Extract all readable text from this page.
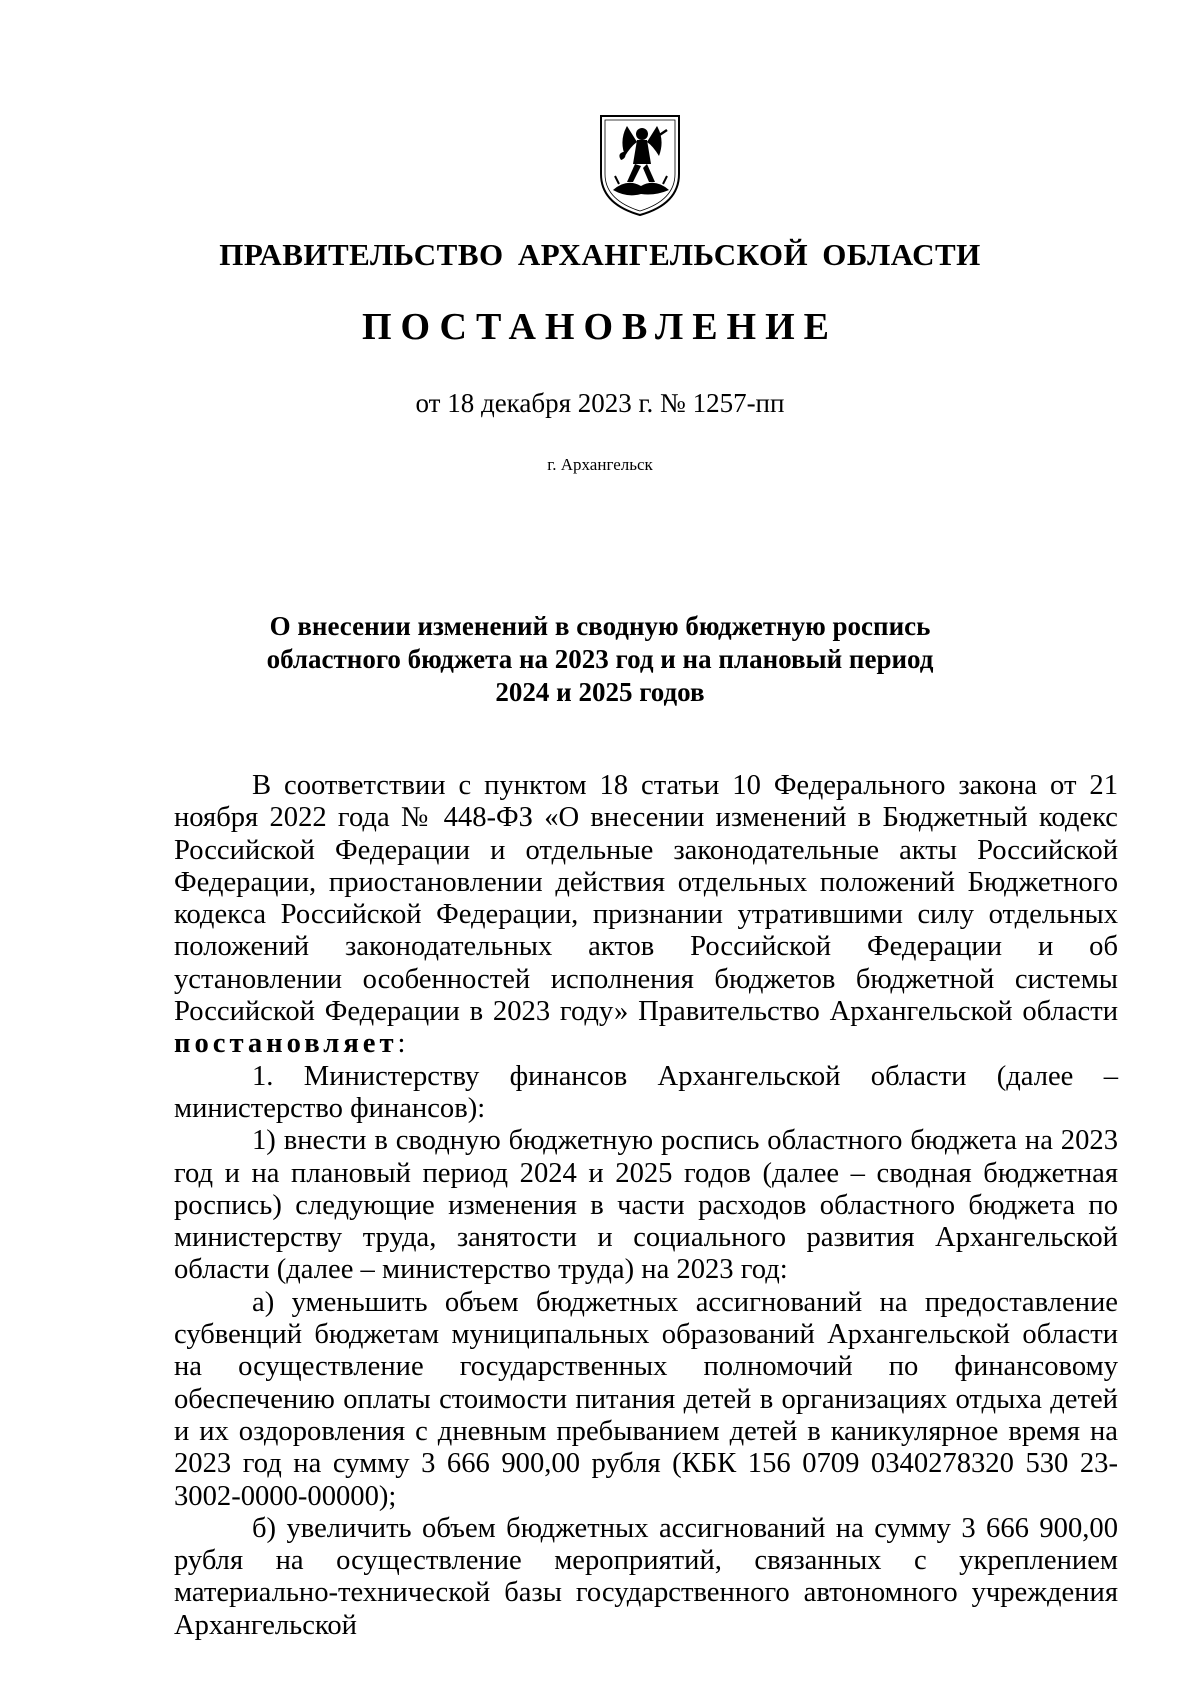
ПРАВИТЕЛЬСТВО АРХАНГЕЛЬСКОЙ ОБЛАСТИ
ПОСТАНОВЛЕНИЕ
от 18 декабря 2023 г. № 1257-пп
г. Архангельск
О внесении изменений в сводную бюджетную роспись
областного бюджета на 2023 год и на плановый период
2024 и 2025 годов

В соответствии с пунктом 18 статьи 10 Федерального закона от 21 ноября 2022 года № 448-ФЗ «О внесении изменений в Бюджетный кодекс Российской Федерации и отдельные законодательные акты Российской Федерации, приостановлении действия отдельных положений Бюджетного кодекса Российской Федерации, признании утратившими силу отдельных положений законодательных актов Российской Федерации и об установлении особенностей исполнения бюджетов бюджетной системы Российской Федерации в 2023 году» Правительство Архангельской области постановляет:

1. Министерству финансов Архангельской области (далее – министерство финансов):

1) внести в сводную бюджетную роспись областного бюджета на 2023 год и на плановый период 2024 и 2025 годов (далее – сводная бюджетная роспись) следующие изменения в части расходов областного бюджета по министерству труда, занятости и социального развития Архангельской области (далее – министерство труда) на 2023 год:

а) уменьшить объем бюджетных ассигнований на предоставление субвенций бюджетам муниципальных образований Архангельской области на осуществление государственных полномочий по финансовому обеспечению оплаты стоимости питания детей в организациях отдыха детей и их оздоровления с дневным пребыванием детей в каникулярное время на 2023 год на сумму 3 666 900,00 рубля (КБК 156 0709 0340278320 530 23-3002-0000-00000);

б) увеличить объем бюджетных ассигнований на сумму 3 666 900,00 рубля на осуществление мероприятий, связанных с укреплением материально-технической базы государственного автономного учреждения Архангельской
